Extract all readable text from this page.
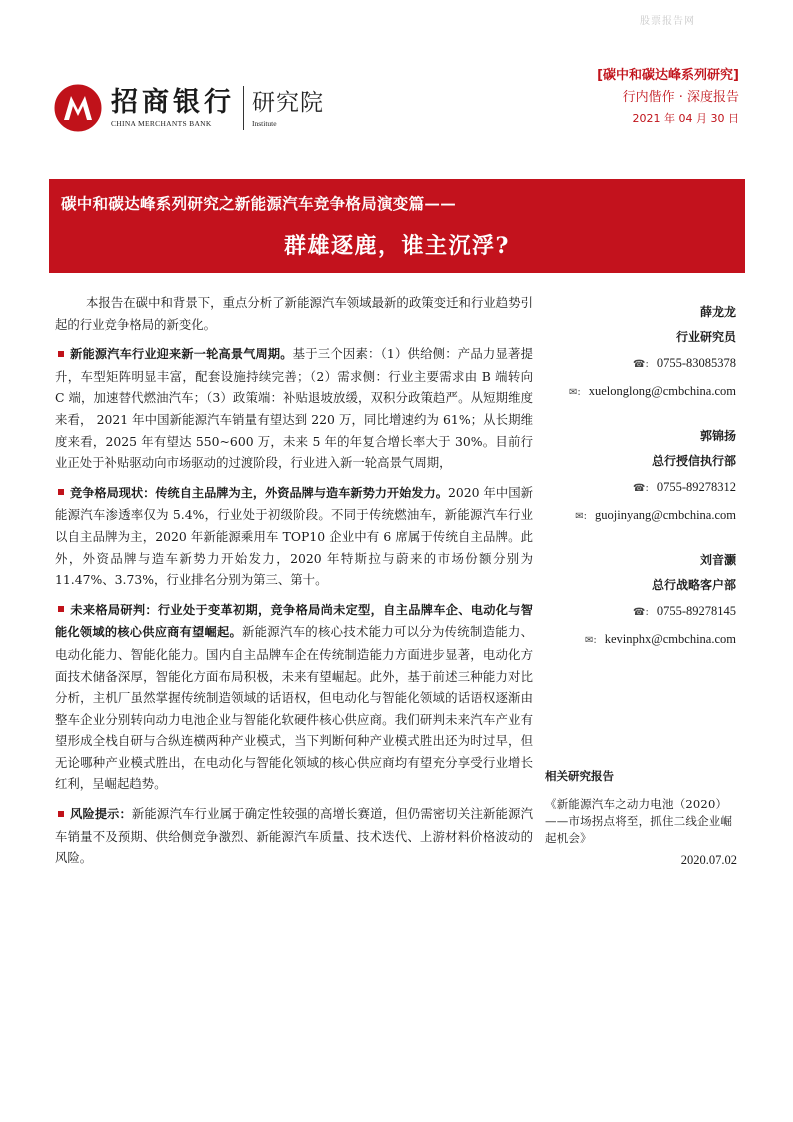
股票报告网
招商银行
CHINA MERCHANTS BANK
研究院
Institute
[碳中和碳达峰系列研究]
行内偕作 · 深度报告
2021 年 04 月 30 日
碳中和碳达峰系列研究之新能源汽车竞争格局演变篇——
群雄逐鹿，谁主沉浮?

本报告在碳中和背景下，重点分析了新能源汽车领域最新的政策变迁和行业趋势引起的行业竞争格局的新变化。

新能源汽车行业迎来新一轮高景气周期。基于三个因素：（1）供给侧：产品力显著提升，车型矩阵明显丰富，配套设施持续完善；（2）需求侧：行业主要需求由 B 端转向 C 端，加速替代燃油汽车；（3）政策端：补贴退坡放缓，双积分政策趋严。从短期维度来看， 2021 年中国新能源汽车销量有望达到 220 万，同比增速约为 61%；从长期维度来看，2025 年有望达 550~600 万，未来 5 年的年复合增长率大于 30%。目前行业正处于补贴驱动向市场驱动的过渡阶段，行业进入新一轮高景气周期，

竞争格局现状：传统自主品牌为主，外资品牌与造车新势力开始发力。2020 年中国新能源汽车渗透率仅为 5.4%，行业处于初级阶段。不同于传统燃油车，新能源汽车行业以自主品牌为主，2020 年新能源乘用车 TOP10 企业中有 6 席属于传统自主品牌。此外，外资品牌与造车新势力开始发力，2020 年特斯拉与蔚来的市场份额分别为 11.47%、3.73%，行业排名分别为第三、第十。

未来格局研判：行业处于变革初期，竞争格局尚未定型，自主品牌车企、电动化与智能化领域的核心供应商有望崛起。新能源汽车的核心技术能力可以分为传统制造能力、电动化能力、智能化能力。国内自主品牌车企在传统制造能力方面进步显著，电动化方面技术储备深厚，智能化方面布局积极，未来有望崛起。此外，基于前述三种能力对比分析，主机厂虽然掌握传统制造领域的话语权，但电动化与智能化领域的话语权逐渐由整车企业分别转向动力电池企业与智能化软硬件核心供应商。我们研判未来汽车产业有望形成全栈自研与合纵连横两种产业模式，当下判断何种产业模式胜出还为时过早，但无论哪种产业模式胜出，在电动化与智能化领域的核心供应商均有望充分享受行业增长红利，呈崛起趋势。

风险提示：新能源汽车行业属于确定性较强的高增长赛道，但仍需密切关注新能源汽车销量不及预期、供给侧竞争激烈、新能源汽车质量、技术迭代、上游材料价格波动的风险。

薛龙龙
行业研究员
☎: 0755-83085378
✉: xuelonglong@cmbchina.com
郭锦扬
总行授信执行部
☎: 0755-89278312
✉: guojinyang@cmbchina.com
刘音灏
总行战略客户部
☎: 0755-89278145
✉: kevinphx@cmbchina.com
相关研究报告
《新能源汽车之动力电池（2020）——市场拐点将至，抓住二线企业崛起机会》
2020.07.02
